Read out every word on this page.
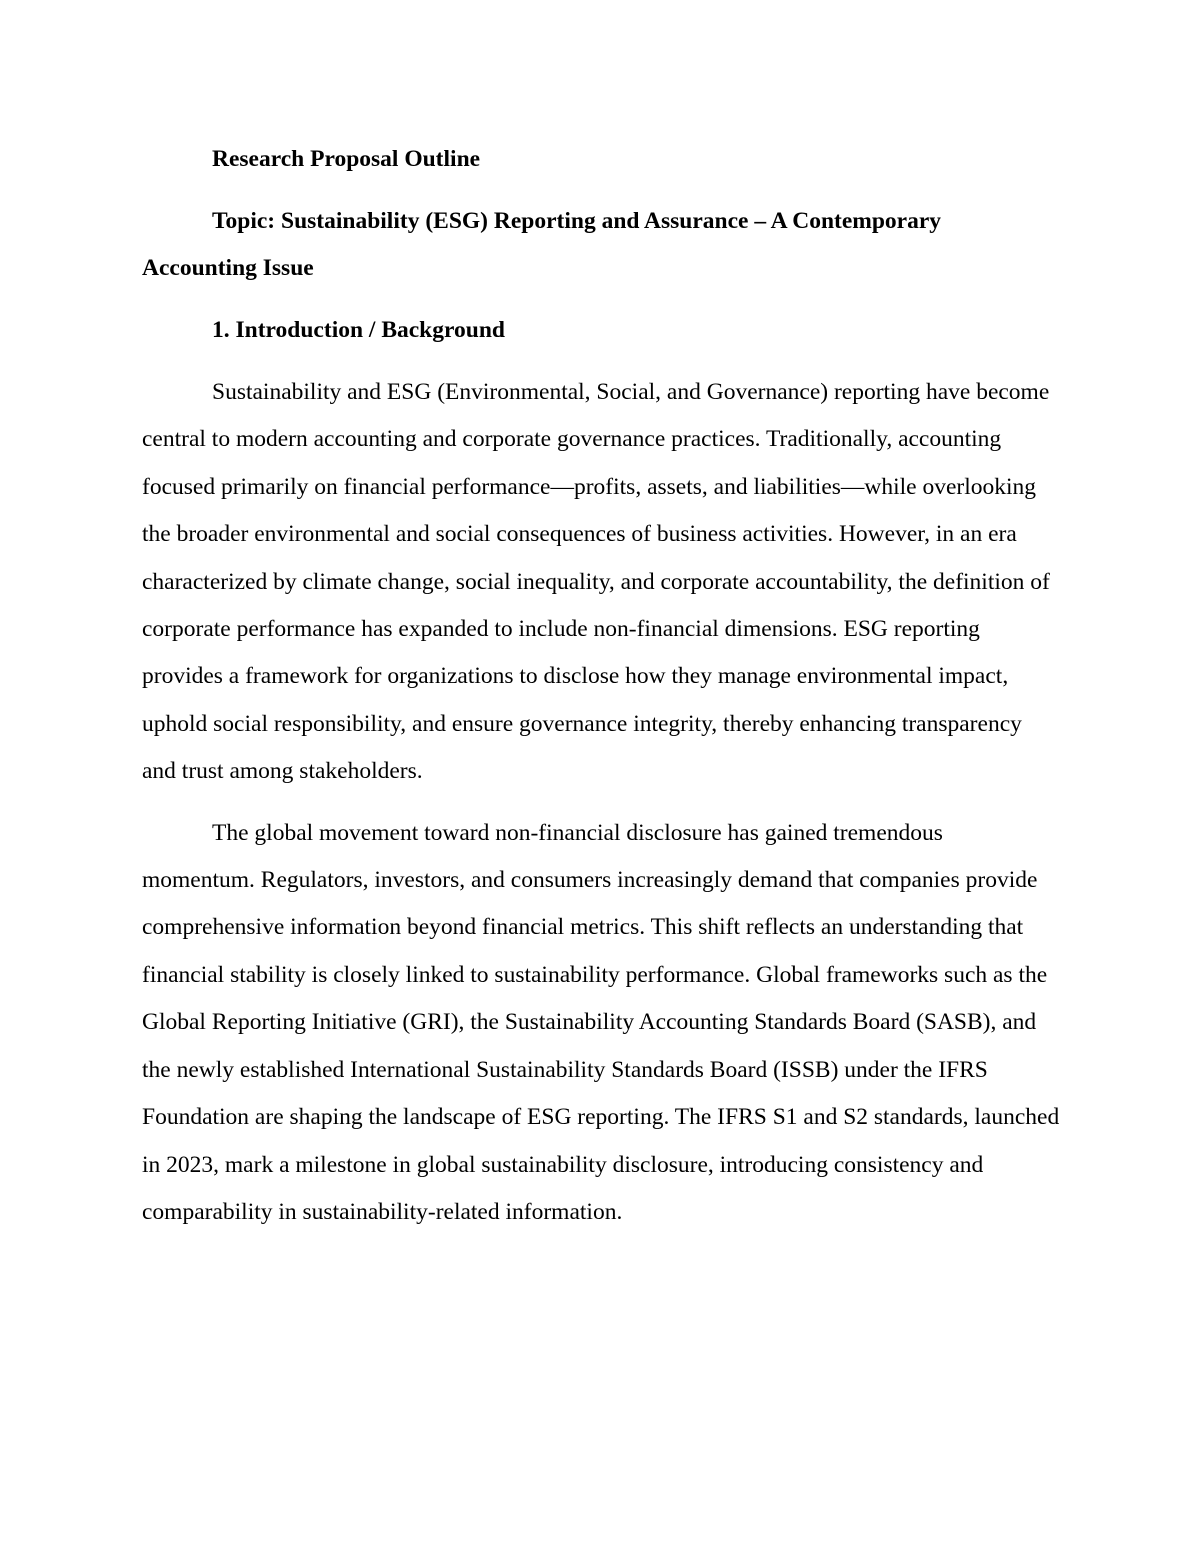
Research Proposal Outline

Topic: Sustainability (ESG) Reporting and Assurance – A Contemporary Accounting Issue

1. Introduction / Background

Sustainability and ESG (Environmental, Social, and Governance) reporting have become central to modern accounting and corporate governance practices. Traditionally, accounting focused primarily on financial performance—profits, assets, and liabilities—while overlooking the broader environmental and social consequences of business activities. However, in an era characterized by climate change, social inequality, and corporate accountability, the definition of corporate performance has expanded to include non-financial dimensions. ESG reporting provides a framework for organizations to disclose how they manage environmental impact, uphold social responsibility, and ensure governance integrity, thereby enhancing transparency and trust among stakeholders.

The global movement toward non-financial disclosure has gained tremendous momentum. Regulators, investors, and consumers increasingly demand that companies provide comprehensive information beyond financial metrics. This shift reflects an understanding that financial stability is closely linked to sustainability performance. Global frameworks such as the Global Reporting Initiative (GRI), the Sustainability Accounting Standards Board (SASB), and the newly established International Sustainability Standards Board (ISSB) under the IFRS Foundation are shaping the landscape of ESG reporting. The IFRS S1 and S2 standards, launched in 2023, mark a milestone in global sustainability disclosure, introducing consistency and comparability in sustainability-related information.
